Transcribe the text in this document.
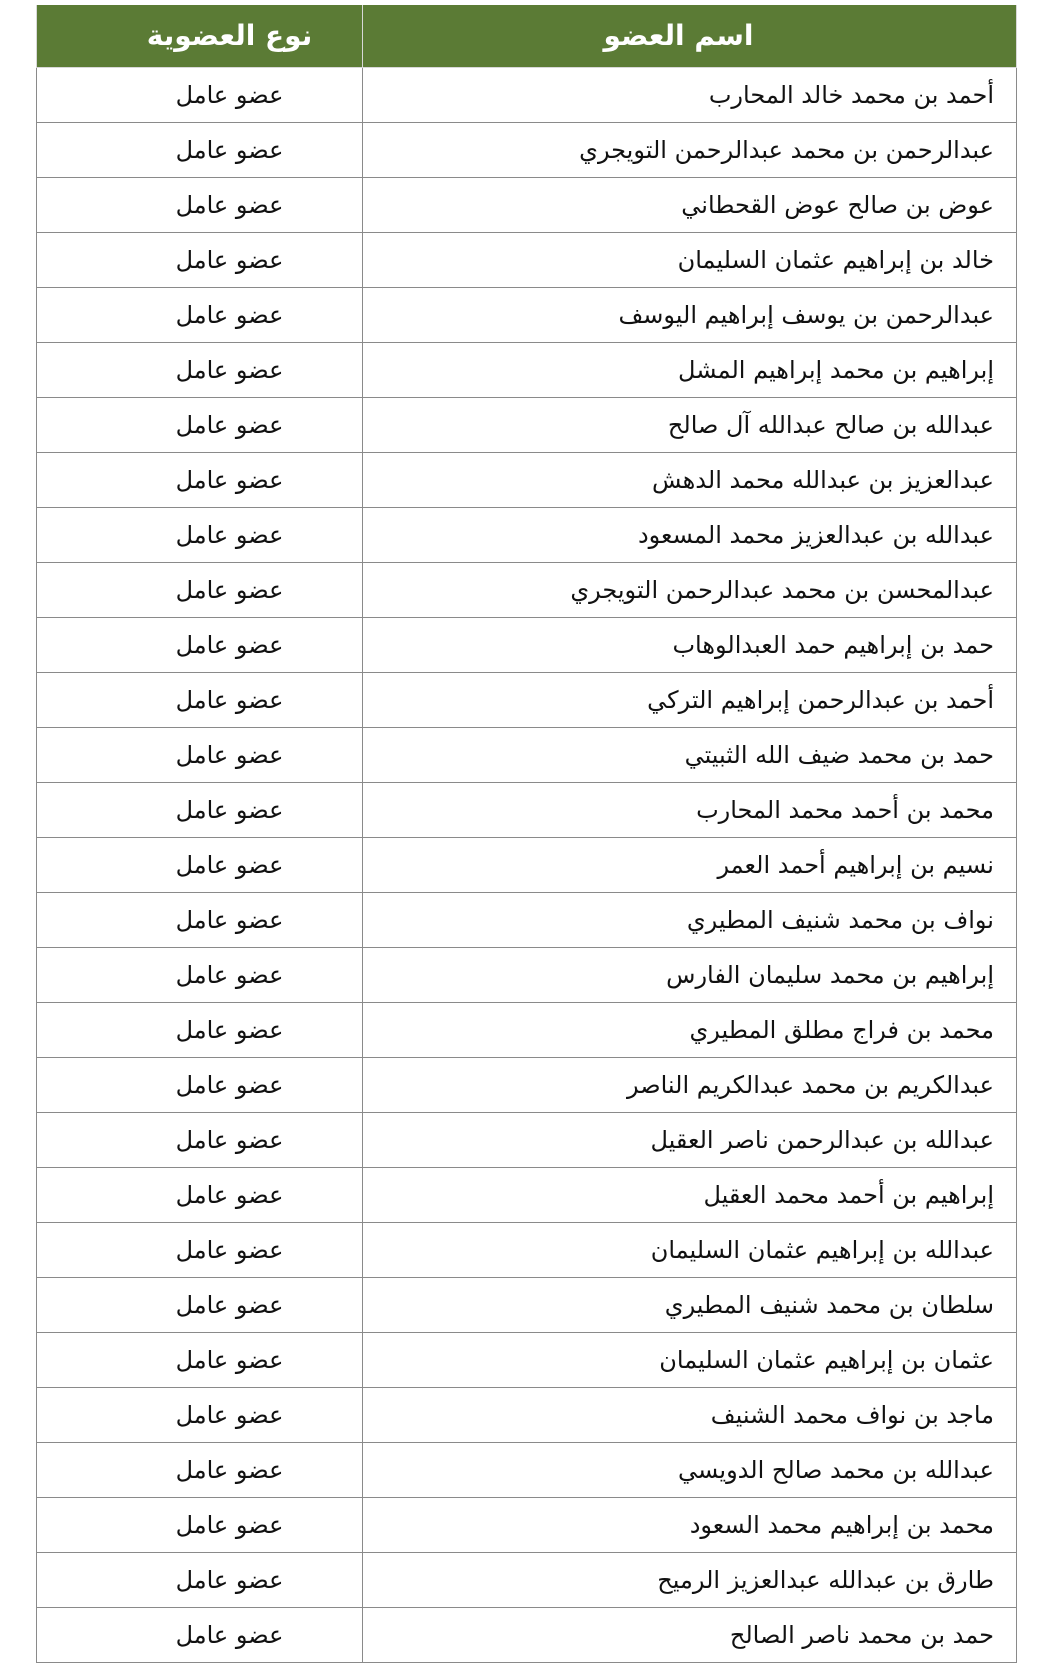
اسم العضو	نوع العضوية
أحمد بن محمد خالد المحارب	عضو عامل
عبدالرحمن بن محمد عبدالرحمن التويجري	عضو عامل
عوض بن صالح عوض القحطاني	عضو عامل
خالد بن إبراهيم عثمان السليمان	عضو عامل
عبدالرحمن بن يوسف إبراهيم اليوسف	عضو عامل
إبراهيم بن محمد إبراهيم المشل	عضو عامل
عبدالله بن صالح عبدالله آل صالح	عضو عامل
عبدالعزيز بن عبدالله محمد الدهش	عضو عامل
عبدالله بن عبدالعزيز محمد المسعود	عضو عامل
عبدالمحسن بن محمد عبدالرحمن التويجري	عضو عامل
حمد بن إبراهيم حمد العبدالوهاب	عضو عامل
أحمد بن عبدالرحمن إبراهيم التركي	عضو عامل
حمد بن محمد ضيف الله الثبيتي	عضو عامل
محمد بن أحمد محمد المحارب	عضو عامل
نسيم بن إبراهيم أحمد العمر	عضو عامل
نواف بن محمد شنيف المطيري	عضو عامل
إبراهيم بن محمد سليمان الفارس	عضو عامل
محمد بن فراج مطلق المطيري	عضو عامل
عبدالكريم بن محمد عبدالكريم الناصر	عضو عامل
عبدالله بن عبدالرحمن ناصر العقيل	عضو عامل
إبراهيم بن أحمد محمد العقيل	عضو عامل
عبدالله بن إبراهيم عثمان السليمان	عضو عامل
سلطان بن محمد شنيف المطيري	عضو عامل
عثمان بن إبراهيم عثمان السليمان	عضو عامل
ماجد بن نواف محمد الشنيف	عضو عامل
عبدالله بن محمد صالح الدويسي	عضو عامل
محمد بن إبراهيم محمد السعود	عضو عامل
طارق بن عبدالله عبدالعزيز الرميح	عضو عامل
حمد بن محمد ناصر الصالح	عضو عامل
